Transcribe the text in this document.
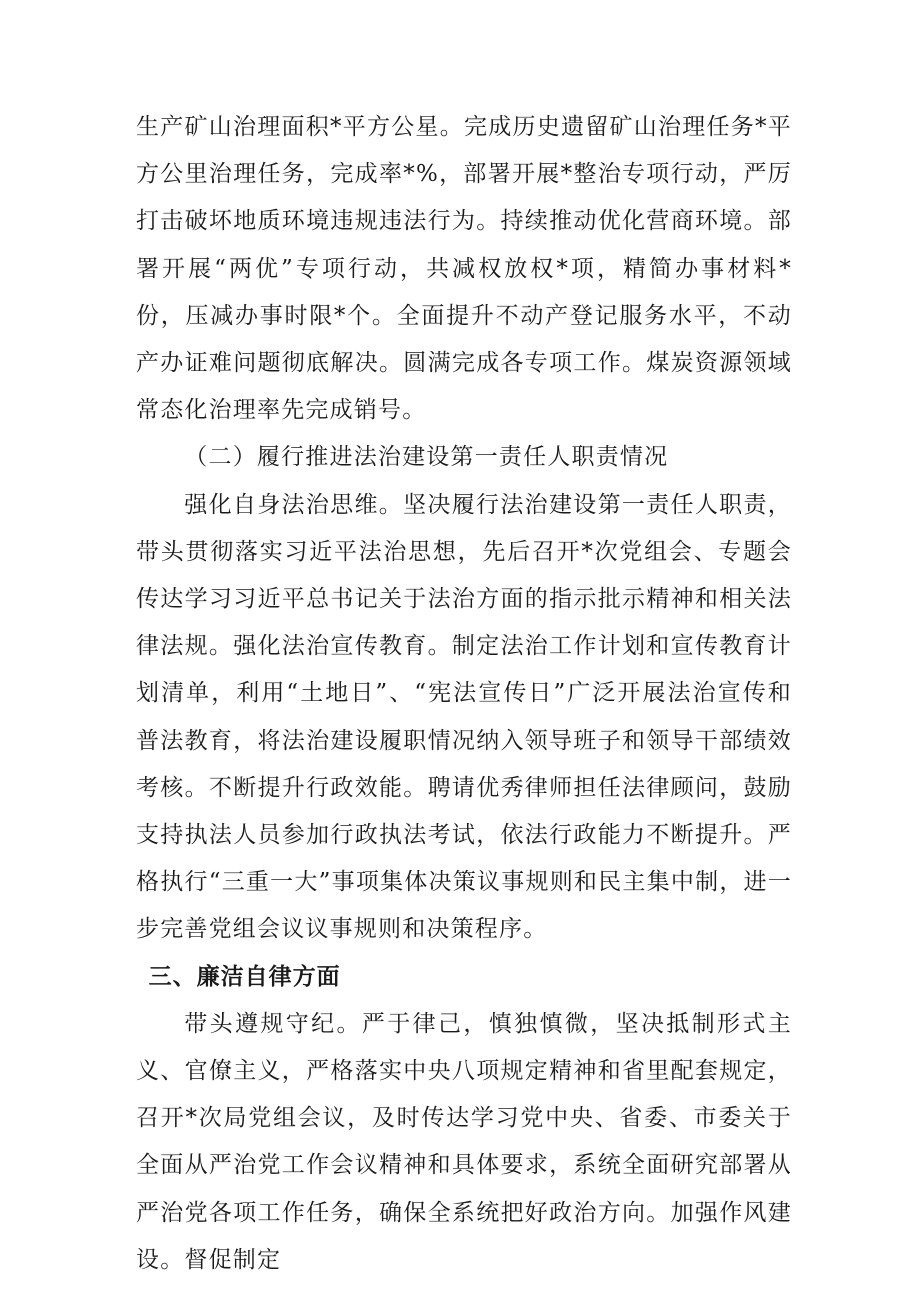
生产矿山治理面积*平方公星。完成历史遗留矿山治理任务*平方公里治理任务，完成率*%，部署开展*整治专项行动，严厉打击破坏地质环境违规违法行为。持续推动优化营商环境。部署开展“两优”专项行动，共减权放权*项，精简办事材料*份，压减办事时限*个。全面提升不动产登记服务水平，不动产办证难问题彻底解决。圆满完成各专项工作。煤炭资源领域常态化治理率先完成销号。

（二）履行推进法治建设第一责任人职责情况

强化自身法治思维。坚决履行法治建设第一责任人职责，带头贯彻落实习近平法治思想，先后召开*次党组会、专题会传达学习习近平总书记关于法治方面的指示批示精神和相关法律法规。强化法治宣传教育。制定法治工作计划和宣传教育计划清单，利用“土地日”、“宪法宣传日”广泛开展法治宣传和普法教育，将法治建设履职情况纳入领导班子和领导干部绩效考核。不断提升行政效能。聘请优秀律师担任法律顾问，鼓励支持执法人员参加行政执法考试，依法行政能力不断提升。严格执行“三重一大”事项集体决策议事规则和民主集中制，进一步完善党组会议议事规则和决策程序。

三、廉洁自律方面

带头遵规守纪。严于律己，慎独慎微，坚决抵制形式主义、官僚主义，严格落实中央八项规定精神和省里配套规定，召开*次局党组会议，及时传达学习党中央、省委、市委关于全面从严治党工作会议精神和具体要求，系统全面研究部署从严治党各项工作任务，确保全系统把好政治方向。加强作风建设。督促制定
